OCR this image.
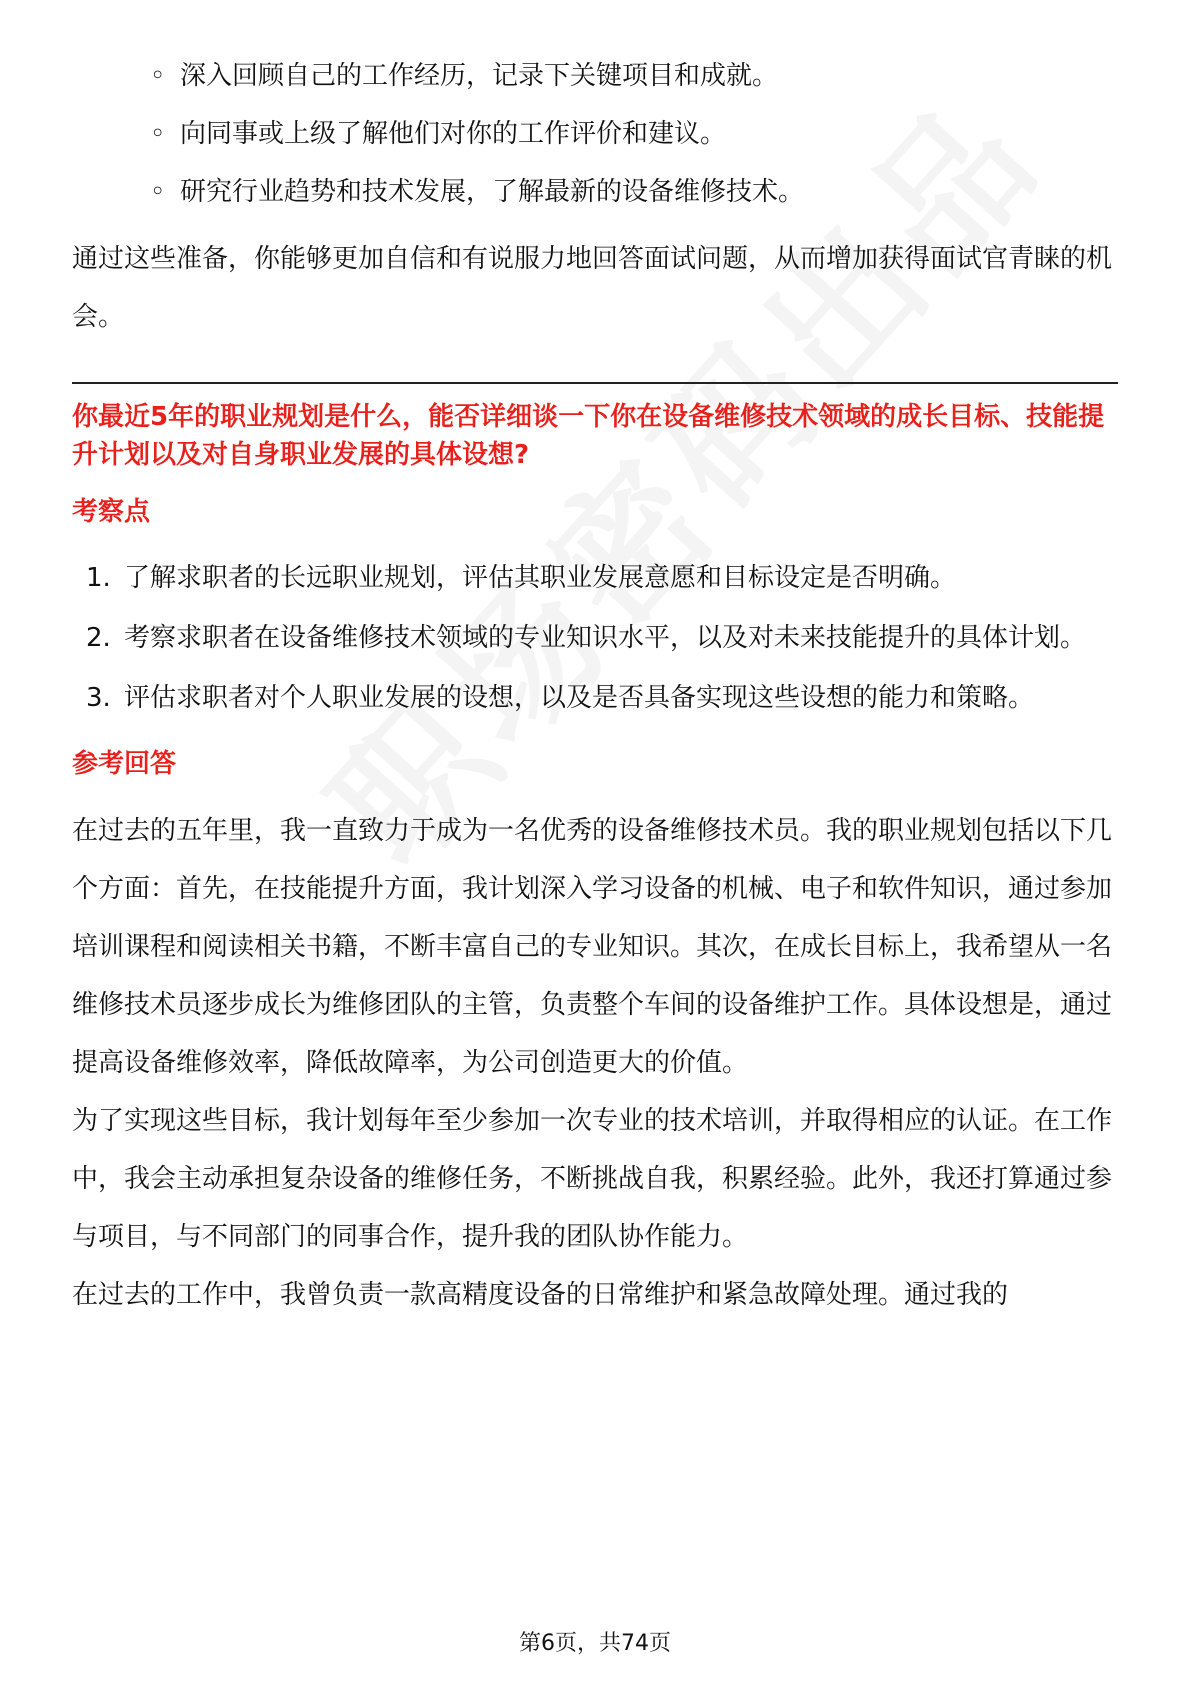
◦ 深入回顾自己的工作经历，记录下关键项目和成就。
◦ 向同事或上级了解他们对你的工作评价和建议。
◦ 研究行业趋势和技术发展，了解最新的设备维修技术。

通过这些准备，你能够更加自信和有说服力地回答面试问题，从而增加获得面试官青睐的机会。

你最近5年的职业规划是什么，能否详细谈一下你在设备维修技术领域的成长目标、技能提升计划以及对自身职业发展的具体设想?

考察点
1. 了解求职者的长远职业规划，评估其职业发展意愿和目标设定是否明确。
2. 考察求职者在设备维修技术领域的专业知识水平，以及对未来技能提升的具体计划。
3. 评估求职者对个人职业发展的设想，以及是否具备实现这些设想的能力和策略。
参考回答

在过去的五年里，我一直致力于成为一名优秀的设备维修技术员。我的职业规划包括以下几个方面：首先，在技能提升方面，我计划深入学习设备的机械、电子和软件知识，通过参加培训课程和阅读相关书籍，不断丰富自己的专业知识。其次，在成长目标上，我希望从一名维修技术员逐步成长为维修团队的主管，负责整个车间的设备维护工作。具体设想是，通过提高设备维修效率，降低故障率，为公司创造更大的价值。

为了实现这些目标，我计划每年至少参加一次专业的技术培训，并取得相应的认证。在工作中，我会主动承担复杂设备的维修任务，不断挑战自我，积累经验。此外，我还打算通过参与项目，与不同部门的同事合作，提升我的团队协作能力。

在过去的工作中，我曾负责一款高精度设备的日常维护和紧急故障处理。通过我的

第6页，共74页
